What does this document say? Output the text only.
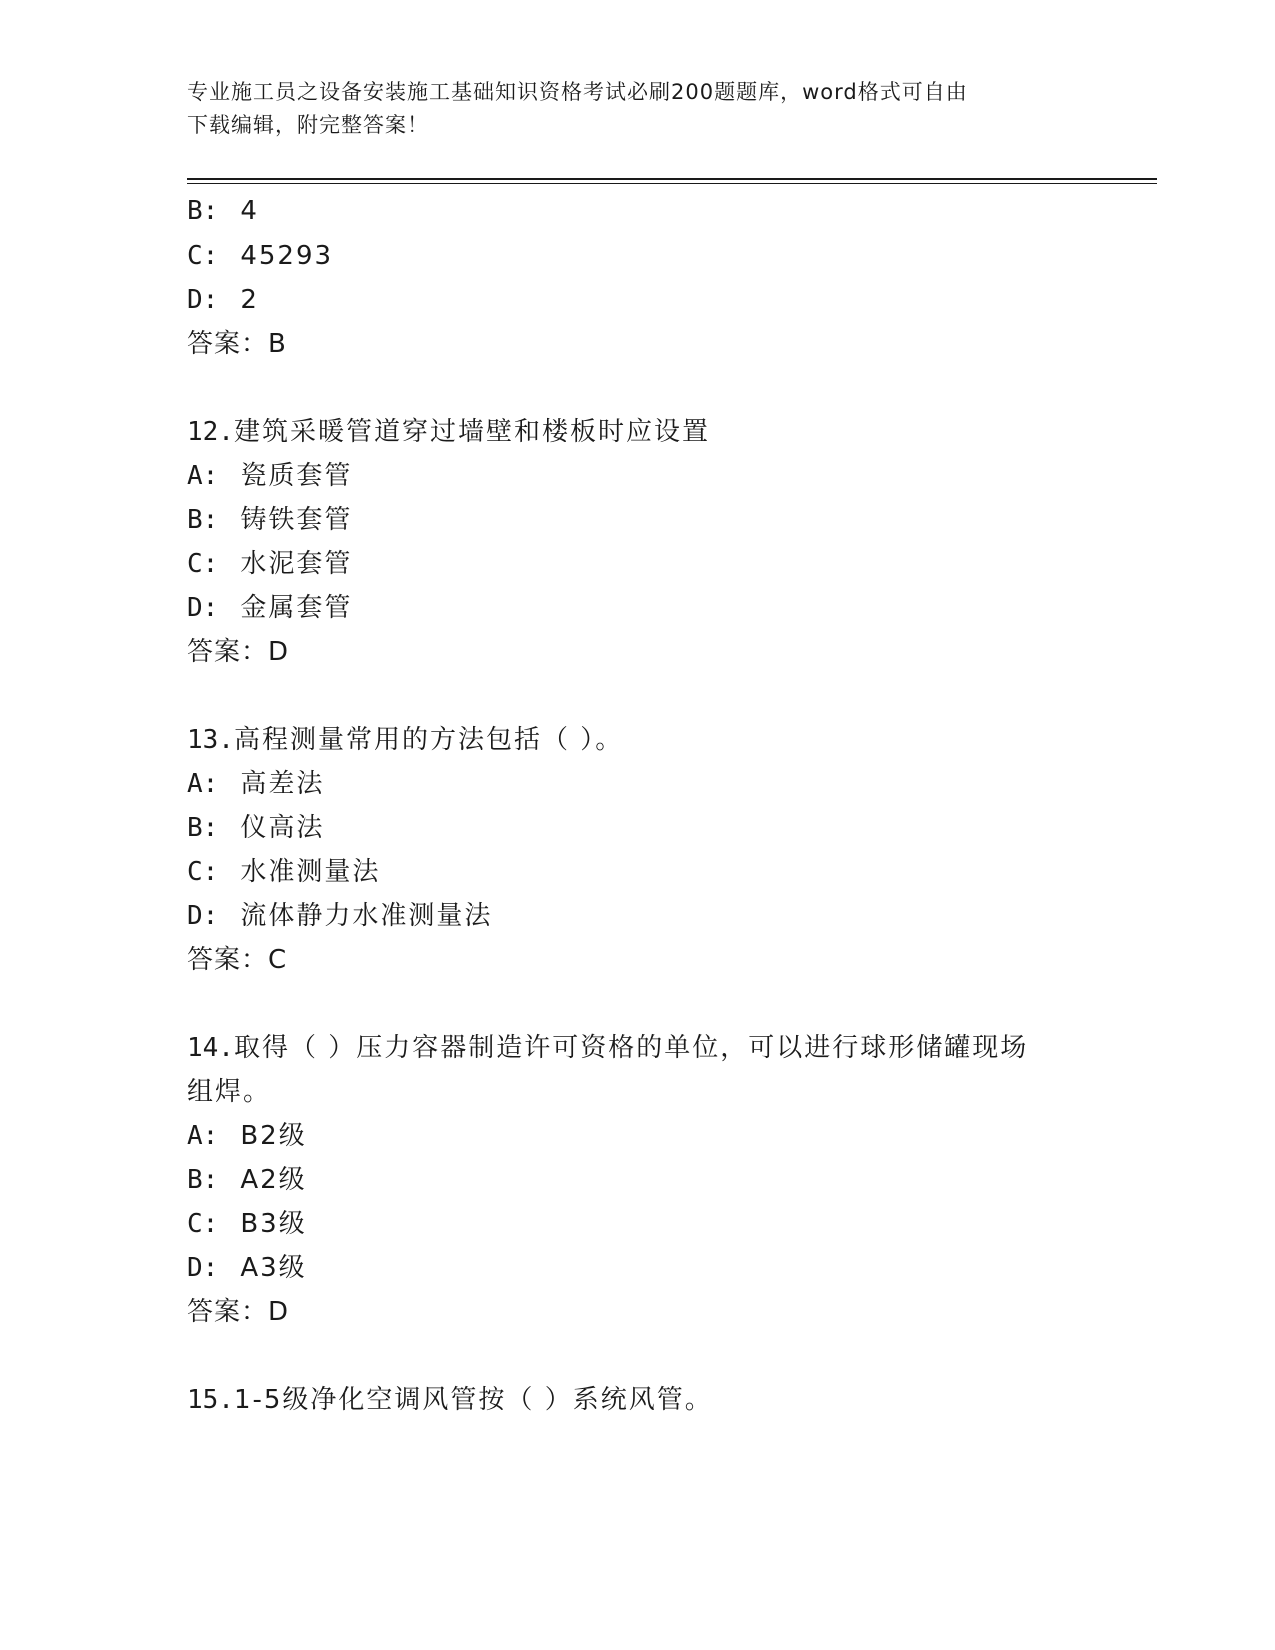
专业施工员之设备安装施工基础知识资格考试必刷200题题库，word格式可自由
下载编辑，附完整答案！
B: 4
C: 45293
D: 2
答案：B
12.建筑采暖管道穿过墙壁和楼板时应设置
A: 瓷质套管
B: 铸铁套管
C: 水泥套管
D: 金属套管
答案：D
13.高程测量常用的方法包括（ ）。
A: 高差法
B: 仪高法
C: 水准测量法
D: 流体静力水准测量法
答案：C
14.取得（ ）压力容器制造许可资格的单位，可以进行球形储罐现场
组焊。
A: B2级
B: A2级
C: B3级
D: A3级
答案：D
15.1-5级净化空调风管按（ ）系统风管。
